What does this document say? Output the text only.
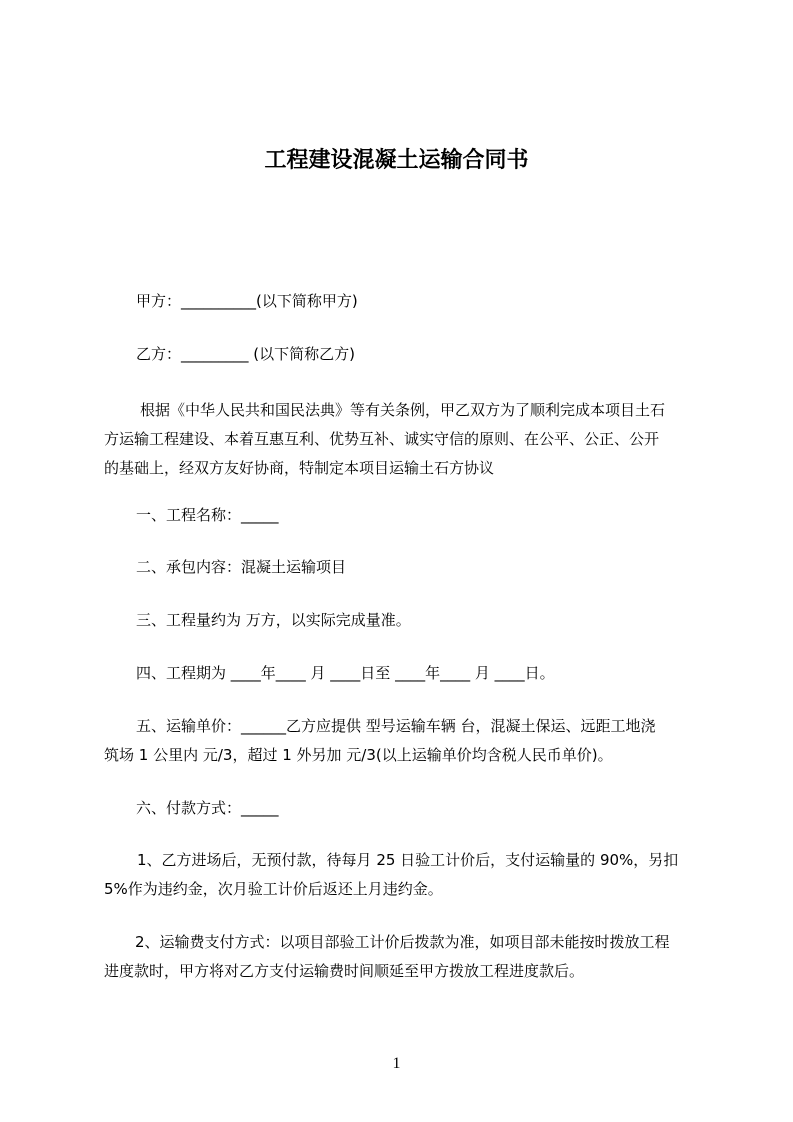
工程建设混凝土运输合同书
甲方：__________(以下简称甲方)
乙方：_________ (以下简称乙方)
根据《中华人民共和国民法典》等有关条例，甲乙双方为了顺利完成本项目土石
方运输工程建设、本着互惠互利、优势互补、诚实守信的原则、在公平、公正、公开
的基础上，经双方友好协商，特制定本项目运输土石方协议
一、工程名称：_____
二、承包内容：混凝土运输项目
三、工程量约为 万方，以实际完成量准。
四、工程期为 ____年____ 月 ____日至 ____年____ 月 ____日。
五、运输单价：______乙方应提供 型号运输车辆 台，混凝土保运、远距工地浇
筑场 1 公里内 元/3，超过 1 外另加 元/3(以上运输单价均含税人民币单价)。
六、付款方式：_____
1、乙方进场后，无预付款，待每月 25 日验工计价后，支付运输量的 90%，另扣
5%作为违约金，次月验工计价后返还上月违约金。
2、运输费支付方式：以项目部验工计价后拨款为准，如项目部未能按时拨放工程
进度款时，甲方将对乙方支付运输费时间顺延至甲方拨放工程进度款后。
1
